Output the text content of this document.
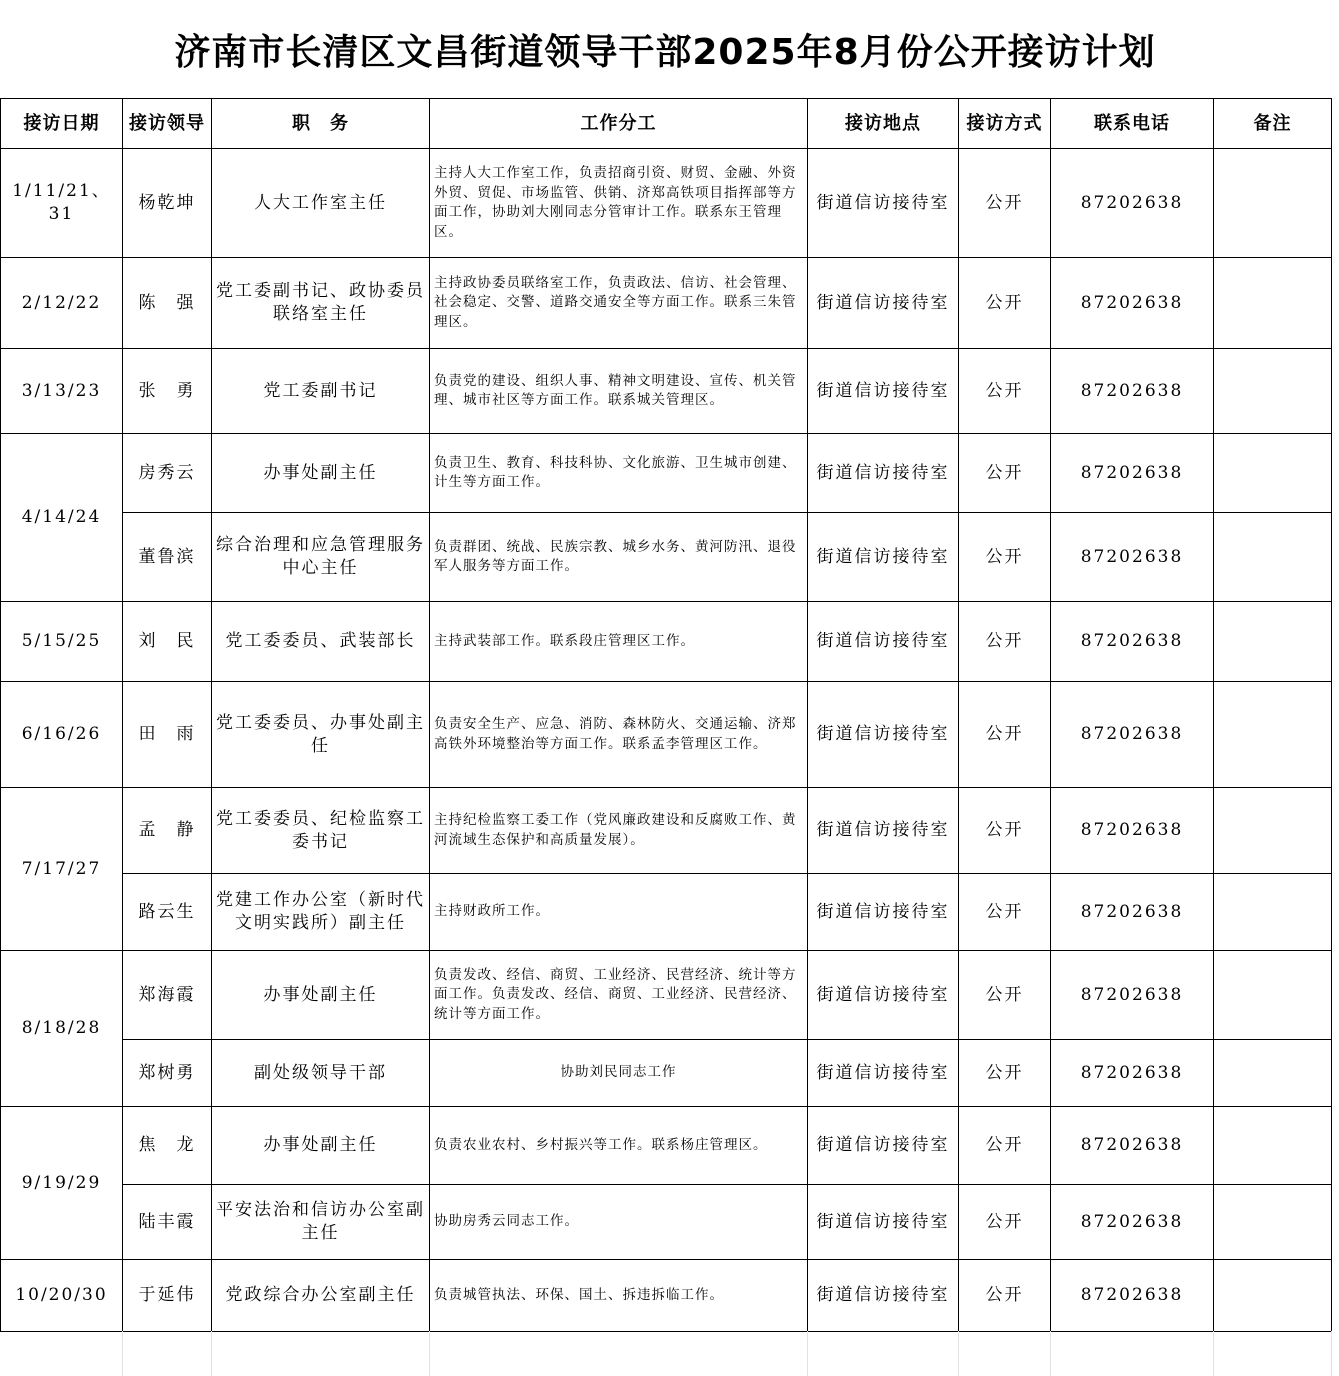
济南市长清区文昌街道领导干部2025年8月份公开接访计划
接访日期	接访领导	职　务	工作分工	接访地点	接访方式	联系电话	备注
1/11/21、31	杨乾坤	人大工作室主任	主持人大工作室工作，负责招商引资、财贸、金融、外资外贸、贸促、市场监管、供销、济郑高铁项目指挥部等方面工作，协助刘大刚同志分管审计工作。联系东王管理区。	街道信访接待室	公开	87202638	
2/12/22	陈　强	党工委副书记、政协委员联络室主任	主持政协委员联络室工作，负责政法、信访、社会管理、社会稳定、交警、道路交通安全等方面工作。联系三朱管理区。	街道信访接待室	公开	87202638	
3/13/23	张　勇	党工委副书记	负责党的建设、组织人事、精神文明建设、宣传、机关管理、城市社区等方面工作。联系城关管理区。	街道信访接待室	公开	87202638	
4/14/24	房秀云	办事处副主任	负责卫生、教育、科技科协、文化旅游、卫生城市创建、计生等方面工作。	街道信访接待室	公开	87202638	
	董鲁滨	综合治理和应急管理服务中心主任	负责群团、统战、民族宗教、城乡水务、黄河防汛、退役军人服务等方面工作。	街道信访接待室	公开	87202638	
5/15/25	刘　民	党工委委员、武装部长	主持武装部工作。联系段庄管理区工作。	街道信访接待室	公开	87202638	
6/16/26	田　雨	党工委委员、办事处副主任	负责安全生产、应急、消防、森林防火、交通运输、济郑高铁外环境整治等方面工作。联系孟李管理区工作。	街道信访接待室	公开	87202638	
7/17/27	孟　静	党工委委员、纪检监察工委书记	主持纪检监察工委工作（党风廉政建设和反腐败工作、黄河流域生态保护和高质量发展）。	街道信访接待室	公开	87202638	
	路云生	党建工作办公室（新时代文明实践所）副主任	主持财政所工作。	街道信访接待室	公开	87202638	
8/18/28	郑海霞	办事处副主任	负责发改、经信、商贸、工业经济、民营经济、统计等方面工作。负责发改、经信、商贸、工业经济、民营经济、统计等方面工作。	街道信访接待室	公开	87202638	
	郑树勇	副处级领导干部	协助刘民同志工作	街道信访接待室	公开	87202638	
9/19/29	焦　龙	办事处副主任	负责农业农村、乡村振兴等工作。联系杨庄管理区。	街道信访接待室	公开	87202638	
	陆丰霞	平安法治和信访办公室副主任	协助房秀云同志工作。	街道信访接待室	公开	87202638	
10/20/30	于延伟	党政综合办公室副主任	负责城管执法、环保、国土、拆违拆临工作。	街道信访接待室	公开	87202638	
